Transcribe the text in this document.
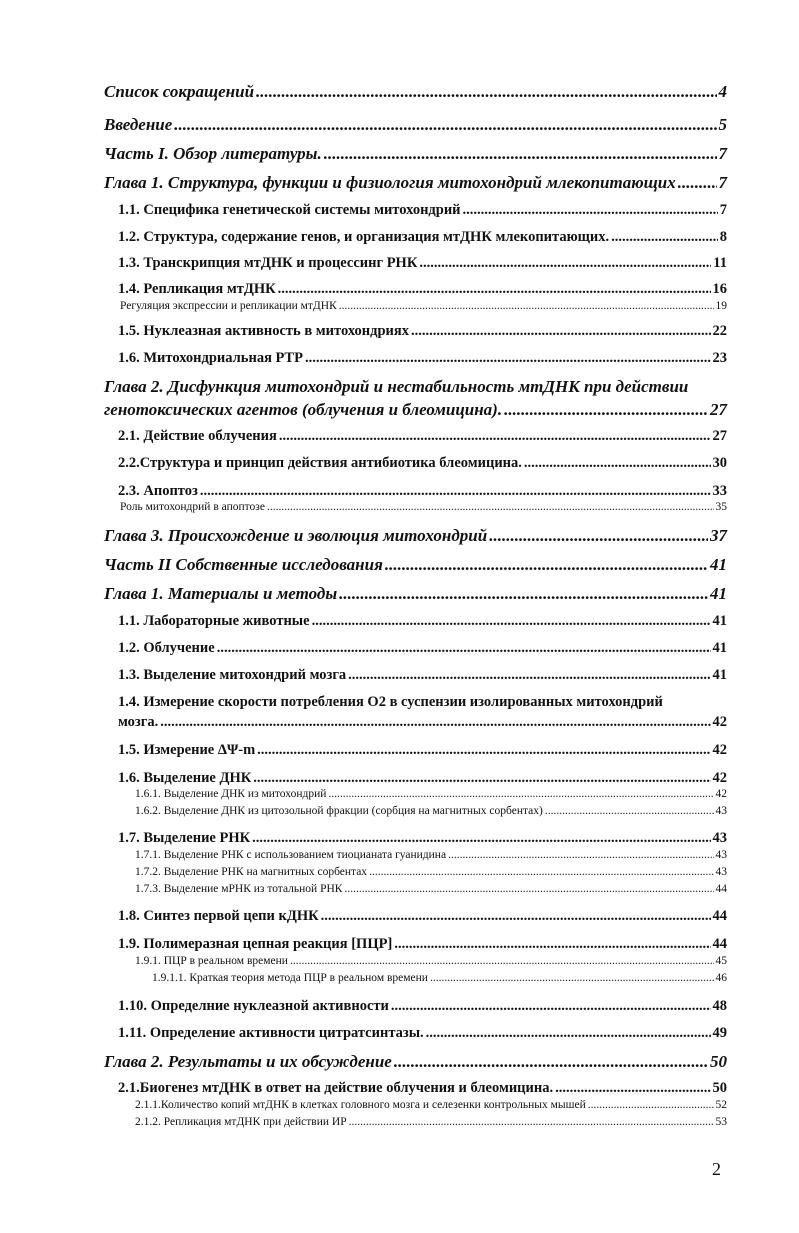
Список сокращений .....	4
Введение .....	5
Часть I. Обзор литературы. .....	7
Глава 1. Структура, функции и физиология митохондрий млекопитающих .....	7
1.1. Специфика генетической системы митохондрий .....	7
1.2. Структура, содержание генов, и организация мтДНК млекопитающих. .....	8
1.3. Транскрипция мтДНК и процессинг РНК .....	11
1.4. Репликация мтДНК .....	16
Регуляция экспрессии и репликации мтДНК .....	19
1.5. Нуклеазная активность в митохондриях .....	22
1.6. Митохондриальная PTP .....	23
Глава 2. Дисфункция митохондрий и нестабильность мтДНК при действии
генотоксических агентов (облучения и блеомицина). .....	27
2.1. Действие облучения .....	27
2.2.Структура и принцип действия антибиотика блеомицина. .....	30
2.3. Апоптоз .....	33
Роль митохондрий в апоптозе .....	35
Глава 3. Происхождение и эволюция митохондрий .....	37
Часть II Собственные исследования .....	41
Глава 1. Материалы и методы .....	41
1.1. Лабораторные животные .....	41
1.2. Облучение .....	41
1.3. Выделение митохондрий мозга .....	41
1.4. Измерение скорости потребления О2 в суспензии изолированных митохондрий
мозга. .....	42
1.5. Измерение ΔΨ-m .....	42
1.6. Выделение ДНК .....	42
1.6.1. Выделение ДНК из митохондрий .....	42
1.6.2. Выделение ДНК из цитозольной фракции (сорбция на магнитных сорбентах) .....	43
1.7. Выделение РНК .....	43
1.7.1. Выделение РНК с использованием тиоцианата гуанидина .....	43
1.7.2. Выделение РНК на магнитных сорбентах .....	43
1.7.3. Выделение мРНК из тотальной РНК .....	44
1.8. Синтез первой цепи кДНК .....	44
1.9. Полимеразная цепная реакция [ПЦР] .....	44
1.9.1. ПЦР в реальном времени .....	45
1.9.1.1. Краткая теория метода ПЦР в реальном времени .....	46
1.10. Определние нуклеазной активности .....	48
1.11. Определение активности цитратсинтазы. .....	49
Глава 2. Результаты и их обсуждение .....	50
2.1.Биогенез мтДНК в ответ на действие облучения и блеомицина. .....	50
2.1.1.Количество копий мтДНК в клетках головного мозга и селезенки контрольных мышей .....	52
2.1.2. Репликация мтДНК при действии ИР .....	53
2
